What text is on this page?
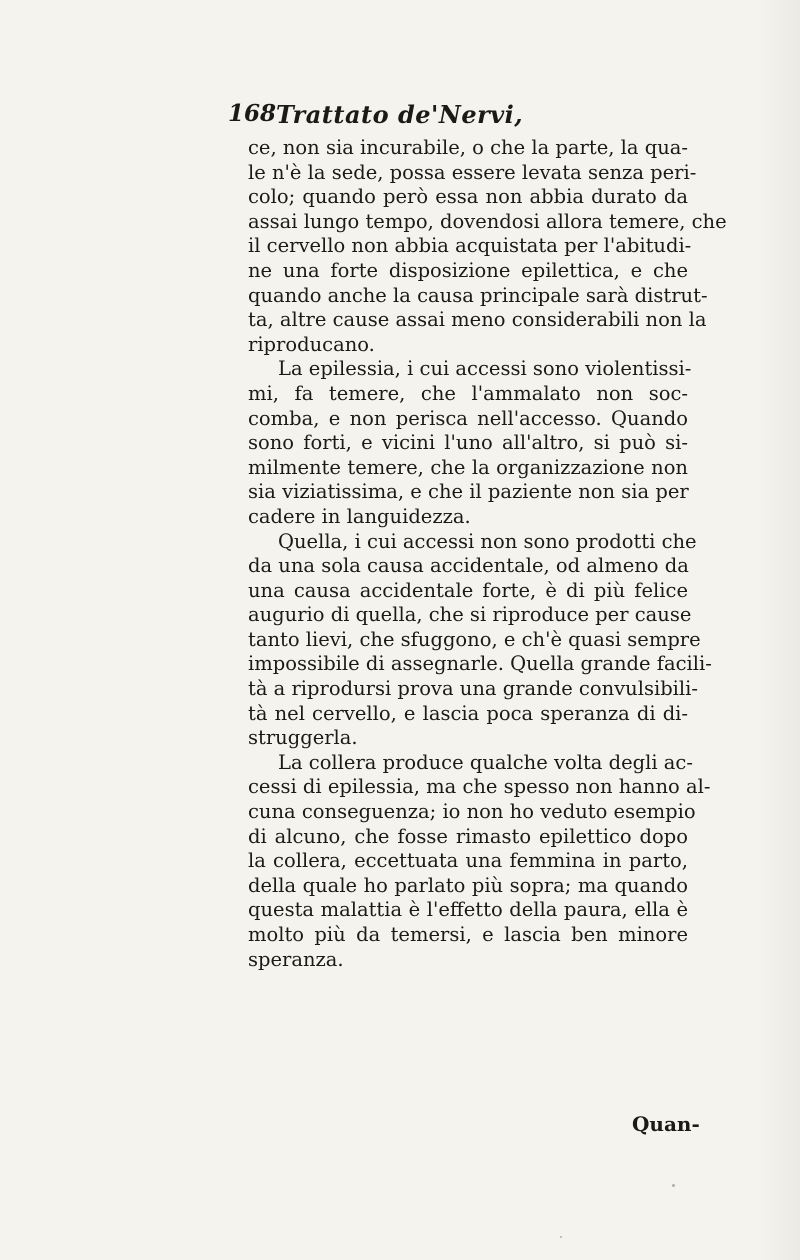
168 Trattato de'Nervi,
ce, non sia incurabile, o che la parte, la qua-
le n'è la sede, possa essere levata senza peri-
colo; quando però essa non abbia durato da
assai lungo tempo, dovendosi allora temere, che
il cervello non abbia acquistata per l'abitudi-
ne una forte disposizione epilettica, e che
quando anche la causa principale sarà distrut-
ta, altre cause assai meno considerabili non la
riproducano.
La epilessia, i cui accessi sono violentissi-
mi, fa temere, che l'ammalato non soc-
comba, e non perisca nell'accesso. Quando
sono forti, e vicini l'uno all'altro, si può si-
milmente temere, che la organizzazione non
sia viziatissima, e che il paziente non sia per
cadere in languidezza.
Quella, i cui accessi non sono prodotti che
da una sola causa accidentale, od almeno da
una causa accidentale forte, è di più felice
augurio di quella, che si riproduce per cause
tanto lievi, che sfuggono, e ch'è quasi sempre
impossibile di assegnarle. Quella grande facili-
tà a riprodursi prova una grande convulsibili-
tà nel cervello, e lascia poca speranza di di-
struggerla.
La collera produce qualche volta degli ac-
cessi di epilessia, ma che spesso non hanno al-
cuna conseguenza; io non ho veduto esempio
di alcuno, che fosse rimasto epilettico dopo
la collera, eccettuata una femmina in parto,
della quale ho parlato più sopra; ma quando
questa malattia è l'effetto della paura, ella è
molto più da temersi, e lascia ben minore
speranza.
Quan-
